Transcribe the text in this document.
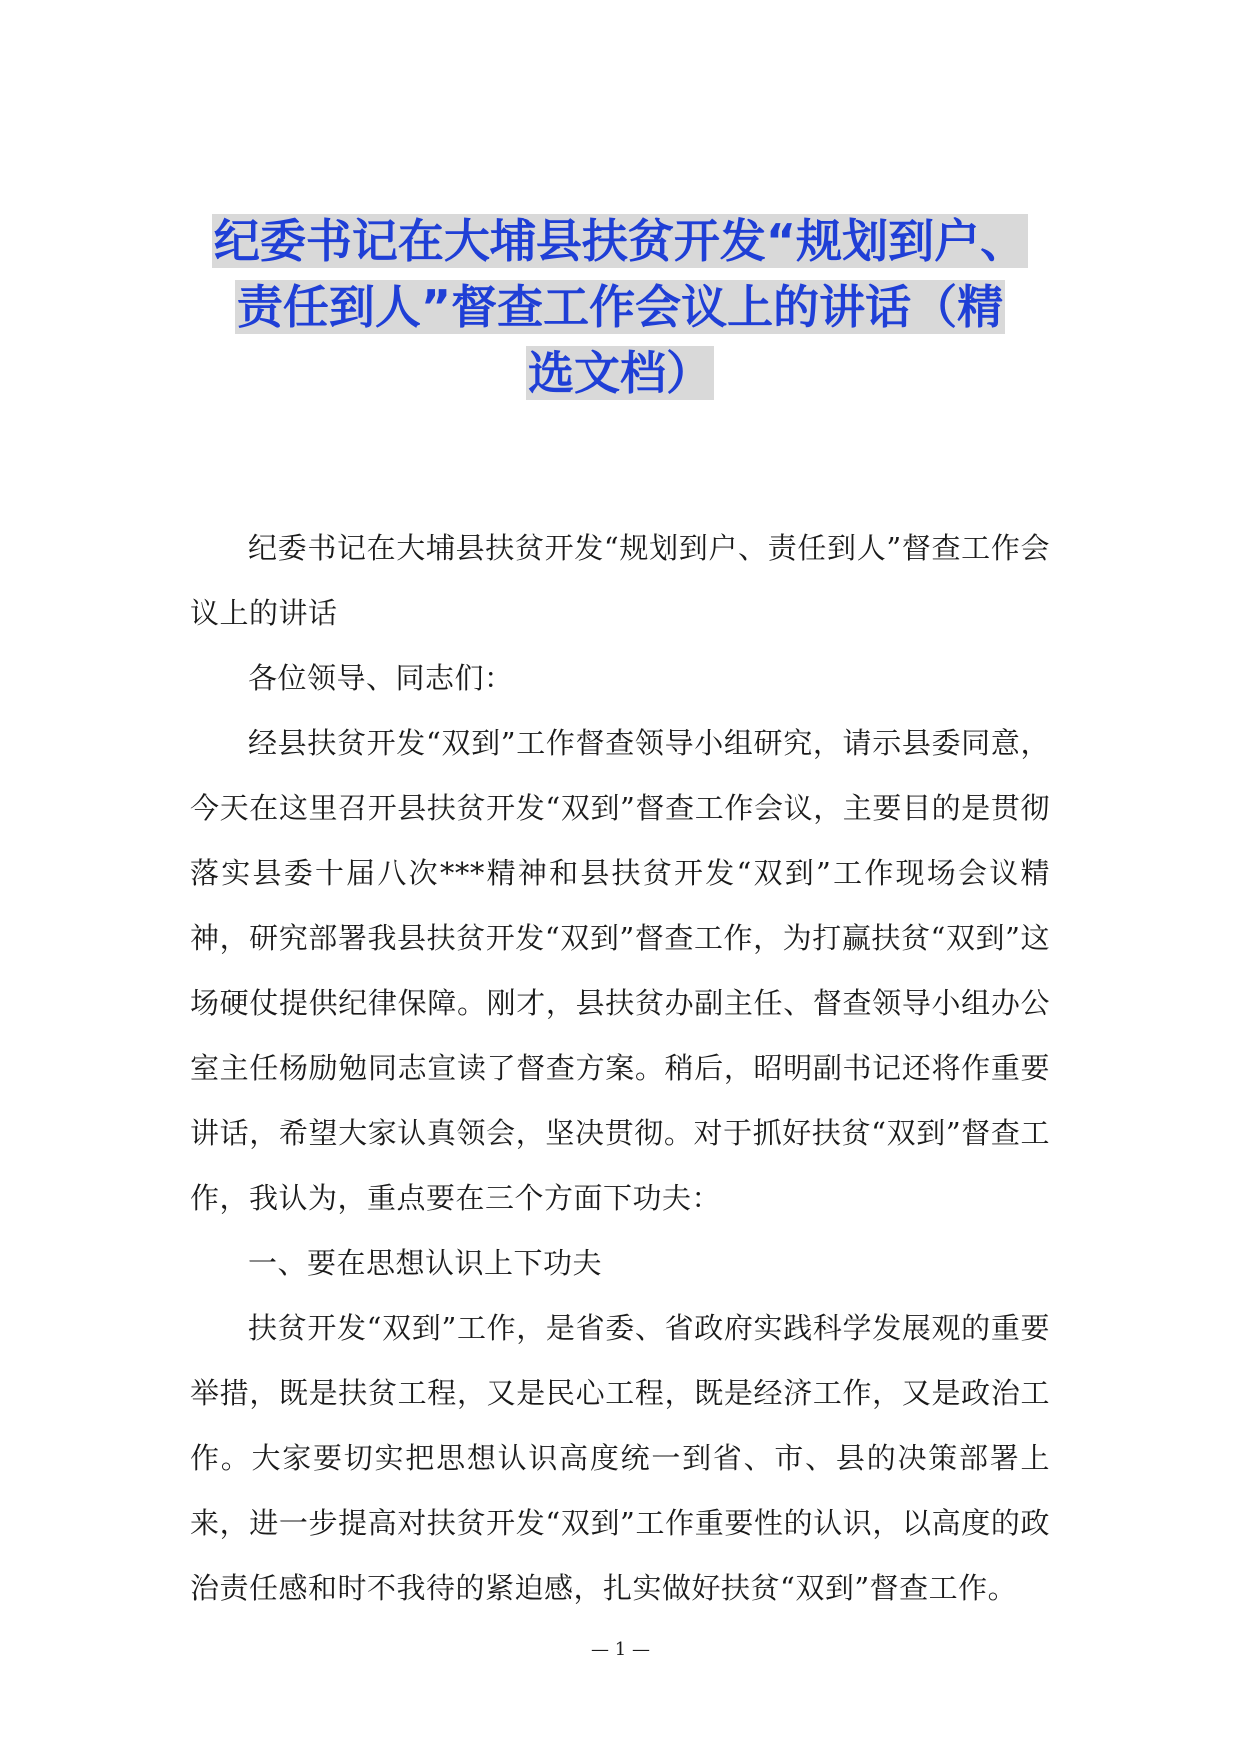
纪委书记在大埔县扶贫开发“规划到户、
责任到人”督查工作会议上的讲话（精
选文档）

纪委书记在大埔县扶贫开发“规划到户、责任到人”督查工作会议上的讲话

各位领导、同志们：

经县扶贫开发“双到”工作督查领导小组研究，请示县委同意，今天在这里召开县扶贫开发“双到”督查工作会议，主要目的是贯彻落实县委十届八次***精神和县扶贫开发“双到”工作现场会议精神，研究部署我县扶贫开发“双到”督查工作，为打赢扶贫“双到”这场硬仗提供纪律保障。刚才，县扶贫办副主任、督查领导小组办公室主任杨励勉同志宣读了督查方案。稍后，昭明副书记还将作重要讲话，希望大家认真领会，坚决贯彻。对于抓好扶贫“双到”督查工作，我认为，重点要在三个方面下功夫：

一、要在思想认识上下功夫

扶贫开发“双到”工作，是省委、省政府实践科学发展观的重要举措，既是扶贫工程，又是民心工程，既是经济工作，又是政治工作。大家要切实把思想认识高度统一到省、市、县的决策部署上来，进一步提高对扶贫开发“双到”工作重要性的认识，以高度的政治责任感和时不我待的紧迫感，扎实做好扶贫“双到”督查工作。

— 1 —
